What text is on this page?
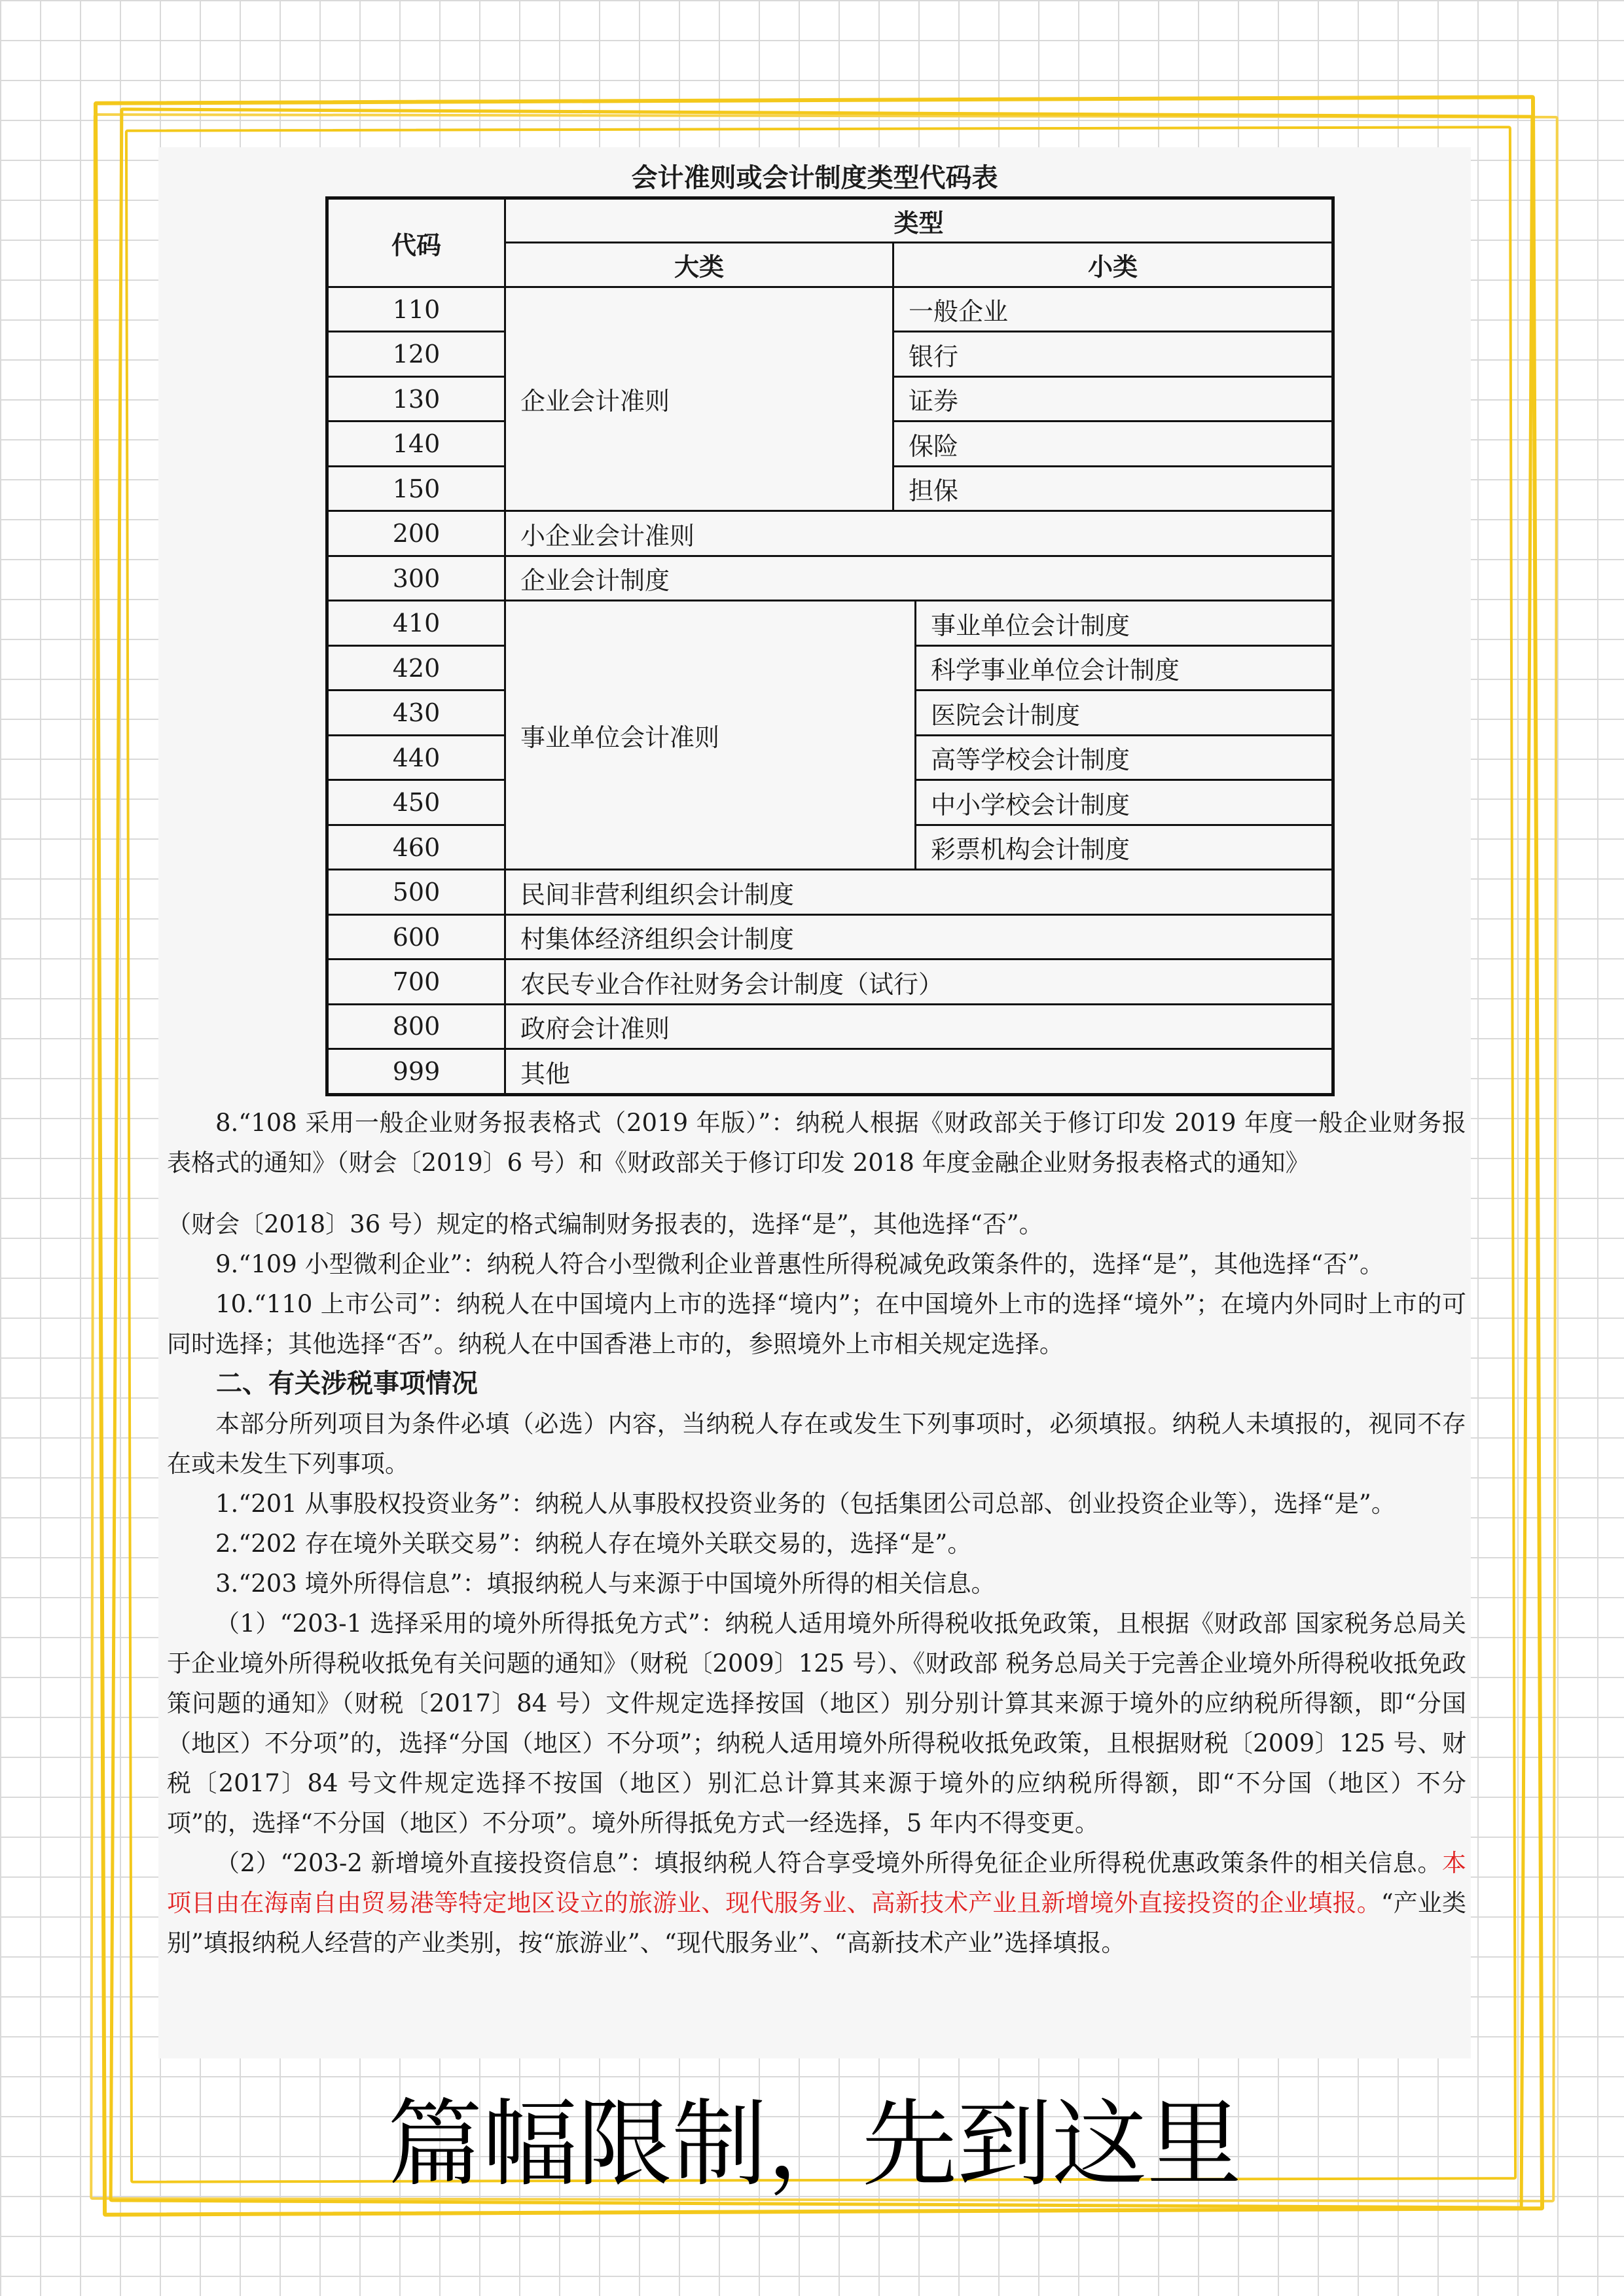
会计准则或会计制度类型代码表
代码	类型		
	大类	小类	
110	企业会计准则	一般企业	
120		银行	
130		证券	
140		保险	
150		担保	
200	小企业会计准则		
300	企业会计制度		
410	事业单位会计准则		事业单位会计制度
420			科学事业单位会计制度
430			医院会计制度
440			高等学校会计制度
450			中小学校会计制度
460			彩票机构会计制度
500	民间非营利组织会计制度		
600	村集体经济组织会计制度		
700	农民专业合作社财务会计制度（试行）		
800	政府会计准则		
999	其他		

8.“108 采用一般企业财务报表格式（2019 年版）”：纳税人根据《财政部关于修订印发 2019 年度一般企业财务报表格式的通知》（财会〔2019〕6 号）和《财政部关于修订印发 2018 年度金融企业财务报表格式的通知》

（财会〔2018〕36 号）规定的格式编制财务报表的，选择“是”，其他选择“否”。

9.“109 小型微利企业”：纳税人符合小型微利企业普惠性所得税减免政策条件的，选择“是”，其他选择“否”。

10.“110 上市公司”：纳税人在中国境内上市的选择“境内”；在中国境外上市的选择“境外”；在境内外同时上市的可同时选择；其他选择“否”。纳税人在中国香港上市的，参照境外上市相关规定选择。

二、有关涉税事项情况

本部分所列项目为条件必填（必选）内容，当纳税人存在或发生下列事项时，必须填报。纳税人未填报的，视同不存在或未发生下列事项。

1.“201 从事股权投资业务”：纳税人从事股权投资业务的（包括集团公司总部、创业投资企业等），选择“是”。

2.“202 存在境外关联交易”：纳税人存在境外关联交易的，选择“是”。

3.“203 境外所得信息”：填报纳税人与来源于中国境外所得的相关信息。

（1）“203-1 选择采用的境外所得抵免方式”：纳税人适用境外所得税收抵免政策，且根据《财政部 国家税务总局关于企业境外所得税收抵免有关问题的通知》（财税〔2009〕125 号）、《财政部 税务总局关于完善企业境外所得税收抵免政策问题的通知》（财税〔2017〕84 号）文件规定选择按国（地区）别分别计算其来源于境外的应纳税所得额，即“分国（地区）不分项”的，选择“分国（地区）不分项”；纳税人适用境外所得税收抵免政策，且根据财税〔2009〕125 号、财税〔2017〕84 号文件规定选择不按国（地区）别汇总计算其来源于境外的应纳税所得额，即“不分国（地区）不分项”的，选择“不分国（地区）不分项”。境外所得抵免方式一经选择，5 年内不得变更。

（2）“203-2 新增境外直接投资信息”：填报纳税人符合享受境外所得免征企业所得税优惠政策条件的相关信息。本项目由在海南自由贸易港等特定地区设立的旅游业、现代服务业、高新技术产业且新增境外直接投资的企业填报。“产业类别”填报纳税人经营的产业类别，按“旅游业”、“现代服务业”、“高新技术产业”选择填报。

篇幅限制，先到这里
